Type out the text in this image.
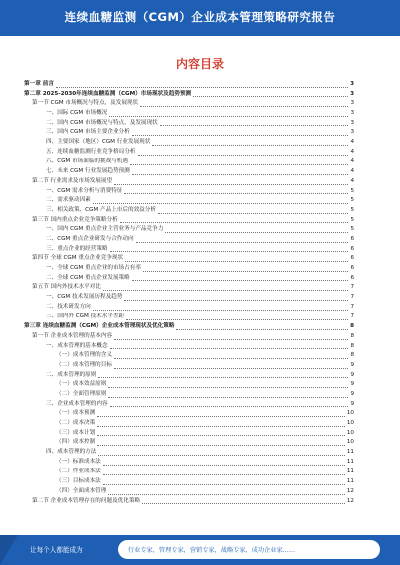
连续血糖监测（CGM）企业成本管理策略研究报告
内容目录
第一章 前言	3
第二章 2025-2030年连续血糖监测（CGM）市场现状及趋势预测	3
第一节 CGM 市场概况与特点，及发展现状	3
一、国际 CGM 市场概况	3
二、国内 CGM 市场概况与特点，及发展现状	3
三、国内 CGM 市场主要企业分析	3
四、主要国家（地区）CGM 行业发展现状	4
五、连续血糖监测行业竞争格局分析	4
六、CGM 市场面临的挑战与机遇	4
七、未来 CGM 行业发展趋势预测	4
第二节 行业需求及市场发展展望	4
一、CGM 需求分析与消费特征	5
二、需求驱动因素	5
三、相关政策、CGM 产品上市后的效益分析	5
第三节 国内重点企业竞争策略分析	5
一、国内 CGM 重点企业主营业务与产品竞争力	5
二、CGM 重点企业研发与合作动向	6
三、重点企业的经营策略	6
第四节 全球 CGM 重点企业竞争现状	6
一、全球 CGM 重点企业的市场占有率	6
二、全球 CGM 重点企业发展策略	6
第五节 国内外技术水平对比	7
一、CGM 技术发展历程及趋势	7
二、技术研发方向	7
三、国内外 CGM 技术水平差距	7
第三章 连续血糖监测（CGM）企业成本管理现状及优化策略	8
第一节 企业成本管理的基本内容	8
一、成本管理的基本概念	8
（一）成本管理的含义	8
（二）成本管理的目标	9
二、成本管理的原则	9
（一）成本效益原则	9
（二）全面管理原则	9
三、企业成本管理的内容	9
（一）成本预测	10
（二）成本决策	10
（三）成本计划	10
（四）成本控制	10
四、成本管理的方法	11
（一）标准成本法	11
（二）作业成本法	11
（三）目标成本法	11
（四）全面成本管理	12
第二节 企业成本管理存在的问题及优化策略	12
让每个人都能成为	行业专家，管理专家，营销专家，战略专家，成功企业家……
